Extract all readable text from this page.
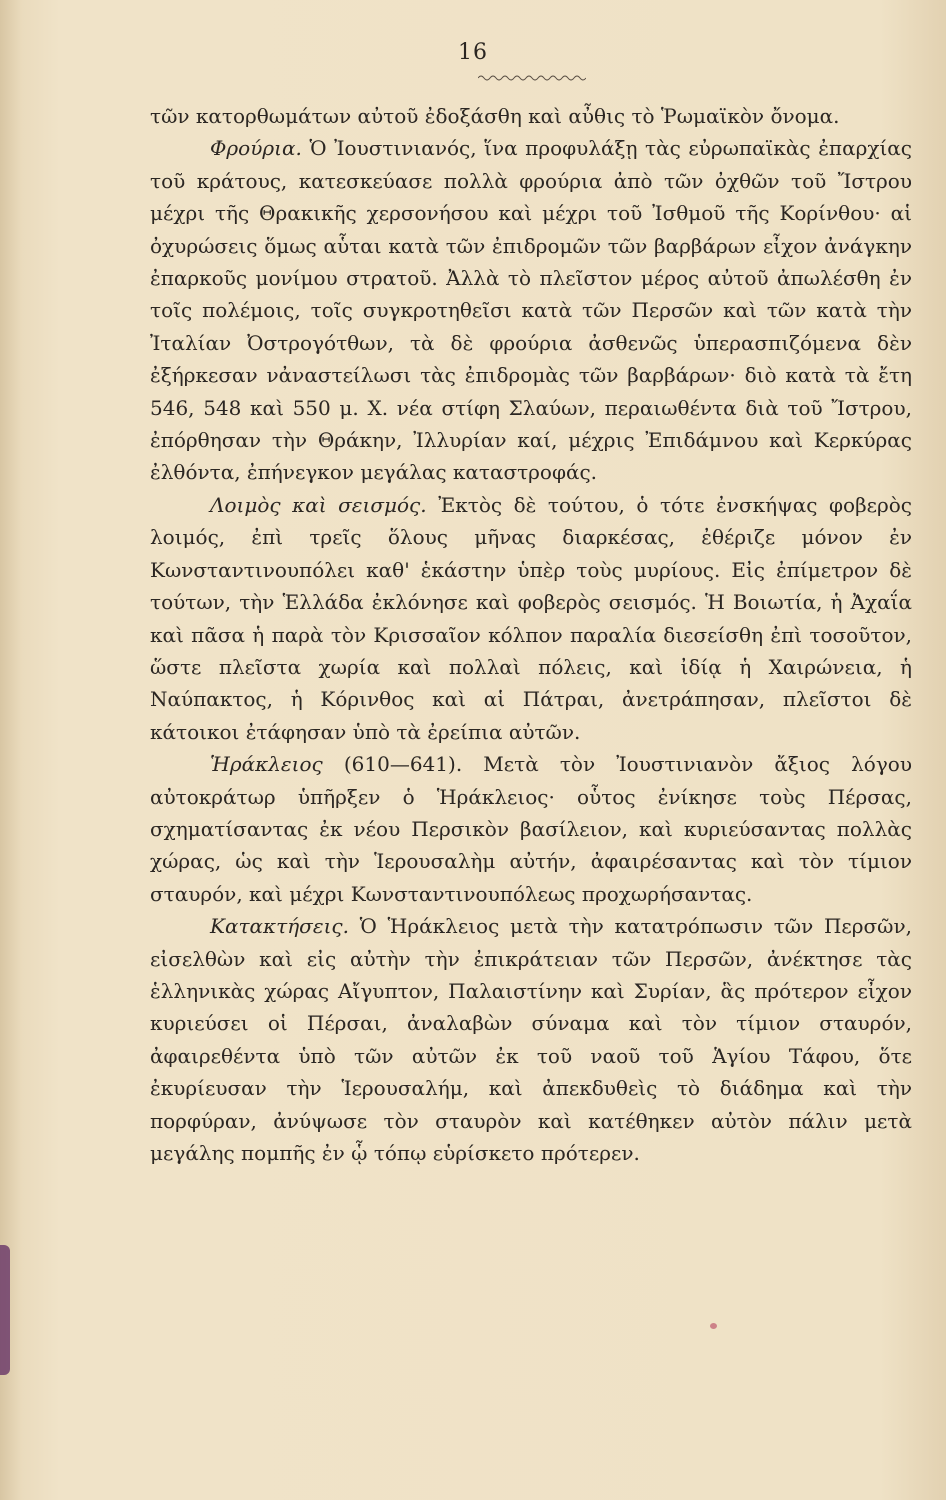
16

τῶν κατορθωμάτων αὐτοῦ ἐδοξάσθη καὶ αὖθις τὸ Ῥωμαϊκὸν ὄνομα.

Φρούρια. Ὁ Ἰουστινιανός, ἵνα προφυλάξῃ τὰς εὐρωπαϊκὰς ἐπαρχίας τοῦ κράτους, κατεσκεύασε πολλὰ φρούρια ἀπὸ τῶν ὀχθῶν τοῦ Ἴστρου μέχρι τῆς Θρακικῆς χερσονήσου καὶ μέχρι τοῦ Ἰσθμοῦ τῆς Κορίνθου· αἱ ὀχυρώσεις ὅμως αὗται κατὰ τῶν ἐπιδρομῶν τῶν βαρβάρων εἶχον ἀνάγκην ἐπαρκοῦς μονίμου στρατοῦ. Ἀλλὰ τὸ πλεῖστον μέρος αὐτοῦ ἀπωλέσθη ἐν τοῖς πολέμοις, τοῖς συγκροτηθεῖσι κατὰ τῶν Περσῶν καὶ τῶν κατὰ τὴν Ἰταλίαν Ὀστρογότθων, τὰ δὲ φρούρια ἀσθενῶς ὑπερασπιζόμενα δὲν ἐξήρκεσαν νἀναστείλωσι τὰς ἐπιδρομὰς τῶν βαρβάρων· διὸ κατὰ τὰ ἔτη 546, 548 καὶ 550 μ. Χ. νέα στίφη Σλαύων, περαιωθέντα διὰ τοῦ Ἴστρου, ἐπόρθησαν τὴν Θράκην, Ἰλλυρίαν καί, μέχρις Ἐπιδάμνου καὶ Κερκύρας ἐλθόντα, ἐπήνεγκον μεγάλας καταστροφάς.

Λοιμὸς καὶ σεισμός. Ἐκτὸς δὲ τούτου, ὁ τότε ἐνσκήψας φοβερὸς λοιμός, ἐπὶ τρεῖς ὅλους μῆνας διαρκέσας, ἐθέριζε μόνον ἐν Κωνσταντινουπόλει καθ' ἑκάστην ὑπὲρ τοὺς μυρίους. Εἰς ἐπίμετρον δὲ τούτων, τὴν Ἑλλάδα ἐκλόνησε καὶ φοβερὸς σεισμός. Ἡ Βοιωτία, ἡ Ἀχαΐα καὶ πᾶσα ἡ παρὰ τὸν Κρισσαῖον κόλπον παραλία διεσείσθη ἐπὶ τοσοῦτον, ὥστε πλεῖστα χωρία καὶ πολλαὶ πόλεις, καὶ ἰδίᾳ ἡ Χαιρώνεια, ἡ Ναύπακτος, ἡ Κόρινθος καὶ αἱ Πάτραι, ἀνετράπησαν, πλεῖστοι δὲ κάτοικοι ἐτάφησαν ὑπὸ τὰ ἐρείπια αὐτῶν.

Ἡράκλειος (610—641). Μετὰ τὸν Ἰουστινιανὸν ἄξιος λόγου αὐτοκράτωρ ὑπῆρξεν ὁ Ἡράκλειος· οὗτος ἐνίκησε τοὺς Πέρσας, σχηματίσαντας ἐκ νέου Περσικὸν βασίλειον, καὶ κυριεύσαντας πολλὰς χώρας, ὡς καὶ τὴν Ἱερουσαλὴμ αὐτήν, ἀφαιρέσαντας καὶ τὸν τίμιον σταυρόν, καὶ μέχρι Κωνσταντινουπόλεως προχωρήσαντας.

Κατακτήσεις. Ὁ Ἡράκλειος μετὰ τὴν κατατρόπωσιν τῶν Περσῶν, εἰσελθὼν καὶ εἰς αὐτὴν τὴν ἐπικράτειαν τῶν Περσῶν, ἀνέκτησε τὰς ἑλληνικὰς χώρας Αἴγυπτον, Παλαιστίνην καὶ Συρίαν, ἃς πρότερον εἶχον κυριεύσει οἱ Πέρσαι, ἀναλαβὼν σύναμα καὶ τὸν τίμιον σταυρόν, ἀφαιρεθέντα ὑπὸ τῶν αὐτῶν ἐκ τοῦ ναοῦ τοῦ Ἁγίου Τάφου, ὅτε ἐκυρίευσαν τὴν Ἱερουσαλήμ, καὶ ἀπεκδυθεὶς τὸ διάδημα καὶ τὴν πορφύραν, ἀνύψωσε τὸν σταυρὸν καὶ κατέθηκεν αὐτὸν πάλιν μετὰ μεγάλης πομπῆς ἐν ᾧ τόπῳ εὑρίσκετο πρότερεν.
